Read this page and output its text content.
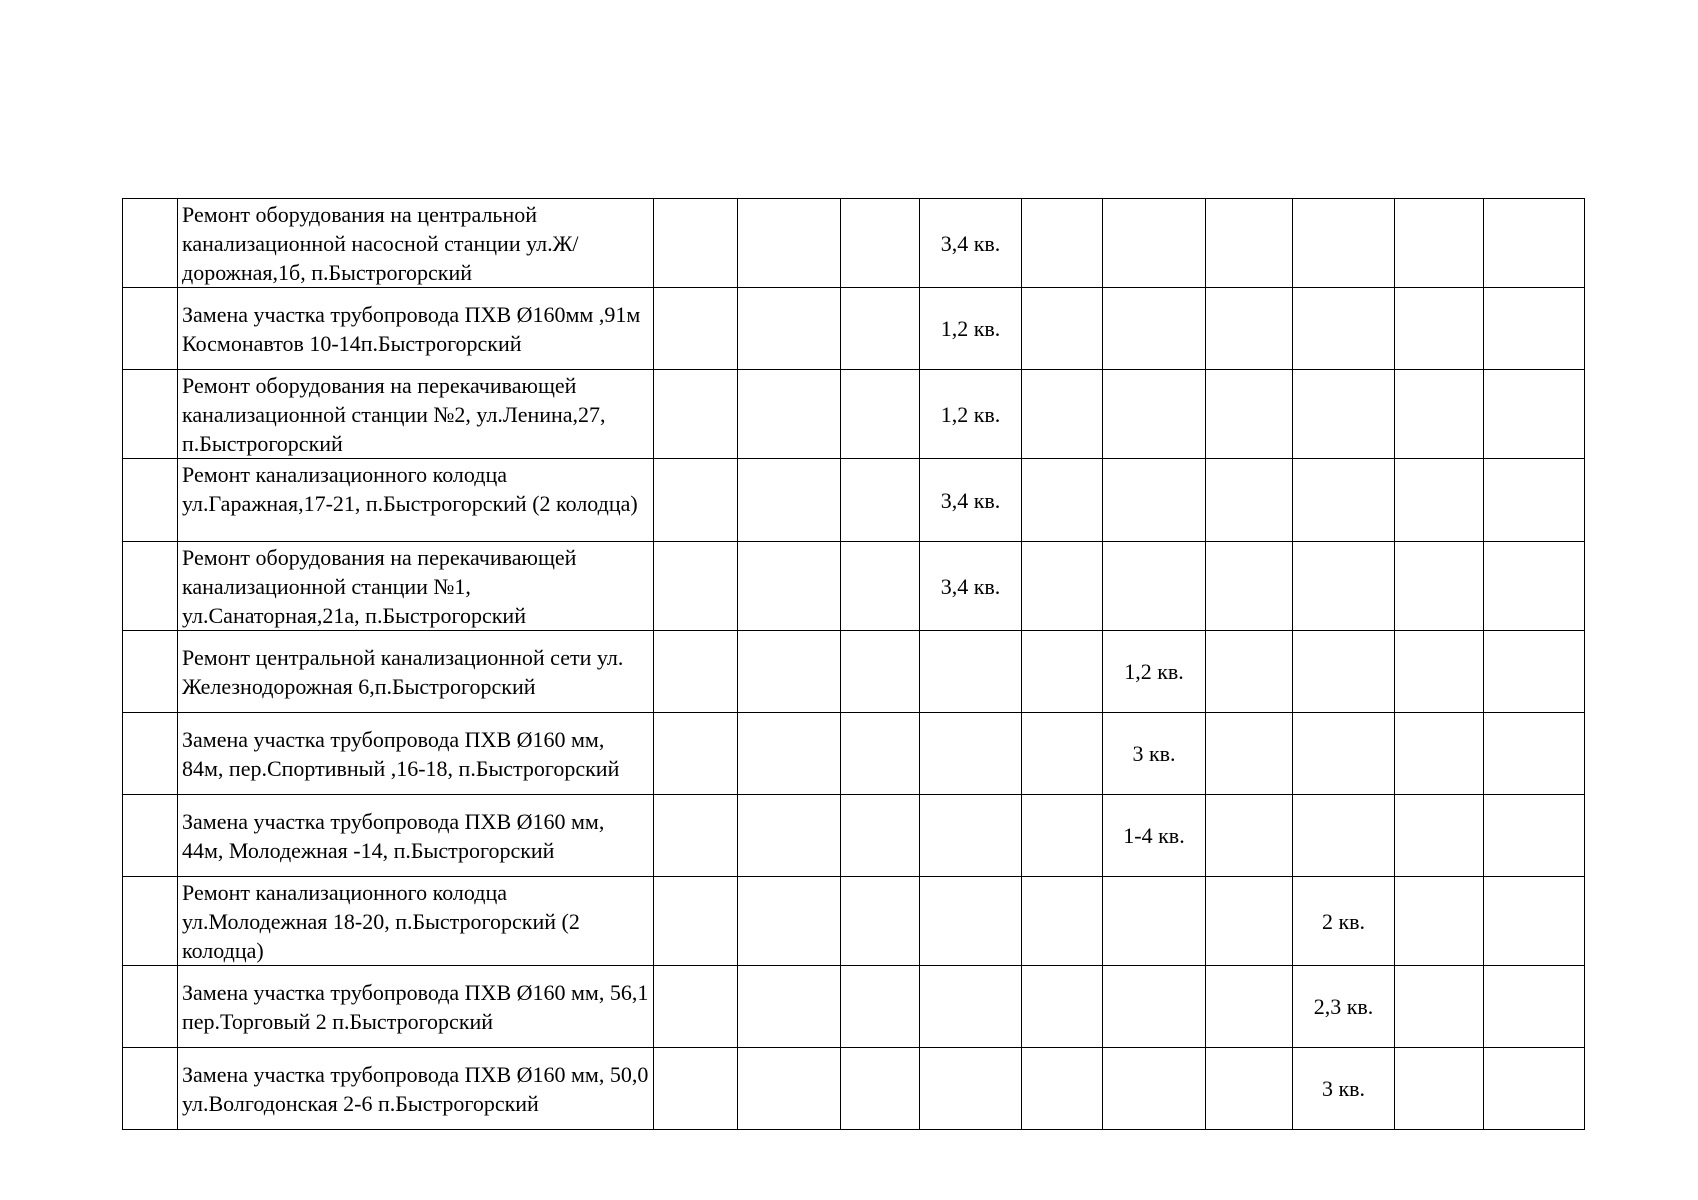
	Ремонт оборудования на центральной канализационной насосной станции ул.Ж/дорожная,1б, п.Быстрогорский				3,4 кв.						
	Замена участка трубопровода ПХВ Ø160мм ,91м Космонавтов 10-14п.Быстрогорский				1,2 кв.						
	Ремонт оборудования на перекачивающей канализационной станции №2, ул.Ленина,27, п.Быстрогорский				1,2 кв.						
	Ремонт канализационного колодца ул.Гаражная,17-21, п.Быстрогорский (2 колодца)				3,4 кв.						
	Ремонт оборудования на перекачивающей канализационной станции №1, ул.Санаторная,21а, п.Быстрогорский				3,4 кв.						
	Ремонт центральной канализационной сети ул. Железнодорожная 6,п.Быстрогорский						1,2 кв.				
	Замена участка трубопровода ПХВ Ø160 мм, 84м, пер.Спортивный ,16-18, п.Быстрогорский						3 кв.				
	Замена участка трубопровода ПХВ Ø160 мм, 44м, Молодежная -14, п.Быстрогорский						1-4 кв.				
	Ремонт канализационного колодца ул.Молодежная 18-20, п.Быстрогорский (2 колодца)								2 кв.		
	Замена участка трубопровода ПХВ Ø160 мм, 56,1 пер.Торговый 2 п.Быстрогорский								2,3 кв.		
	Замена участка трубопровода ПХВ Ø160 мм, 50,0 ул.Волгодонская 2-6 п.Быстрогорский								3 кв.		
